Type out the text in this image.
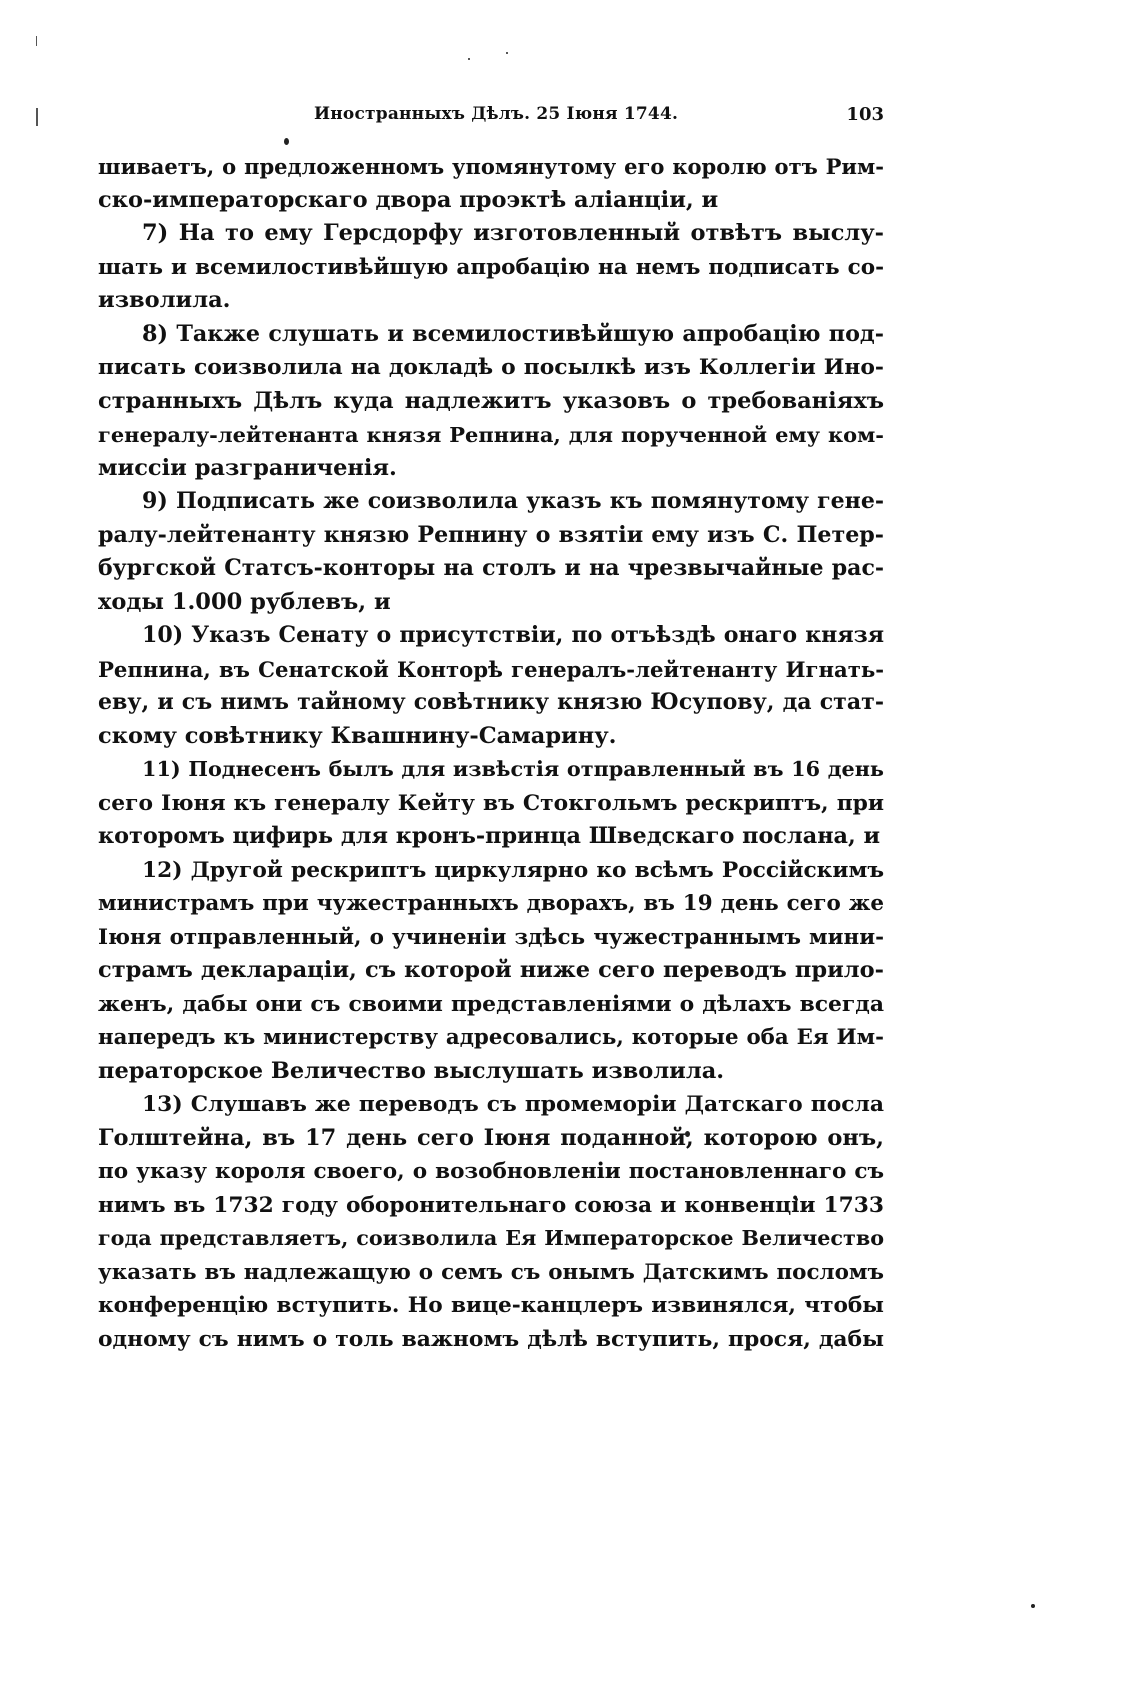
Иностранныхъ Дѣлъ. 25 Іюня 1744.	103
шиваетъ, о предложенномъ упомянутому его королю отъ Рим-
ско-императорскаго двора проэктѣ аліанціи, и
7) На то ему Герсдорфу изготовленный отвѣтъ выслу-
шать и всемилостивѣйшую апробацію на немъ подписать со-
изволила.
8) Также слушать и всемилостивѣйшую апробацію под-
писать соизволила на докладѣ о посылкѣ изъ Коллегіи Ино-
странныхъ Дѣлъ куда надлежитъ указовъ о требованіяхъ
генералу-лейтенанта князя Репнина, для порученной ему ком-
миссіи разграниченія.
9) Подписать же соизволила указъ къ помянутому гене-
ралу-лейтенанту князю Репнину о взятіи ему изъ С. Петер-
бургской Статсъ-конторы на столъ и на чрезвычайные рас-
ходы 1.000 рублевъ, и
10) Указъ Сенату о присутствіи, по отъѣздѣ онаго князя
Репнина, въ Сенатской Конторѣ генералъ-лейтенанту Игнать-
еву, и съ нимъ тайному совѣтнику князю Юсупову, да стат-
скому совѣтнику Квашнину-Самарину.
11) Поднесенъ былъ для извѣстія отправленный въ 16 день
сего Іюня къ генералу Кейту въ Стокгольмъ рескриптъ, при
которомъ цифирь для кронъ-принца Шведскаго послана, и
12) Другой рескриптъ циркулярно ко всѣмъ Россійскимъ
министрамъ при чужестранныхъ дворахъ, въ 19 день сего же
Іюня отправленный, о учиненіи здѣсь чужестраннымъ мини-
страмъ декларацiи, съ которой ниже сего переводъ прило-
женъ, дабы они съ своими представленіями о дѣлахъ всегда
напередъ къ министерству адресовались, которые оба Ея Им-
ператорское Величество выслушать изволила.
13) Слушавъ же переводъ съ промеморіи Датскаго посла
Голштейна, въ 17 день сего Іюня поданной, которою онъ,
по указу короля своего, о возобновленіи постановленнаго съ
нимъ въ 1732 году оборонительнаго союза и конвенціи 1733
года представляетъ, соизволила Ея Императорское Величество
указать въ надлежащую о семъ съ онымъ Датскимъ посломъ
конференцію вступить. Но вице-канцлеръ извинялся, чтобы
одному съ нимъ о толь важномъ дѣлѣ вступить, прося, дабы
